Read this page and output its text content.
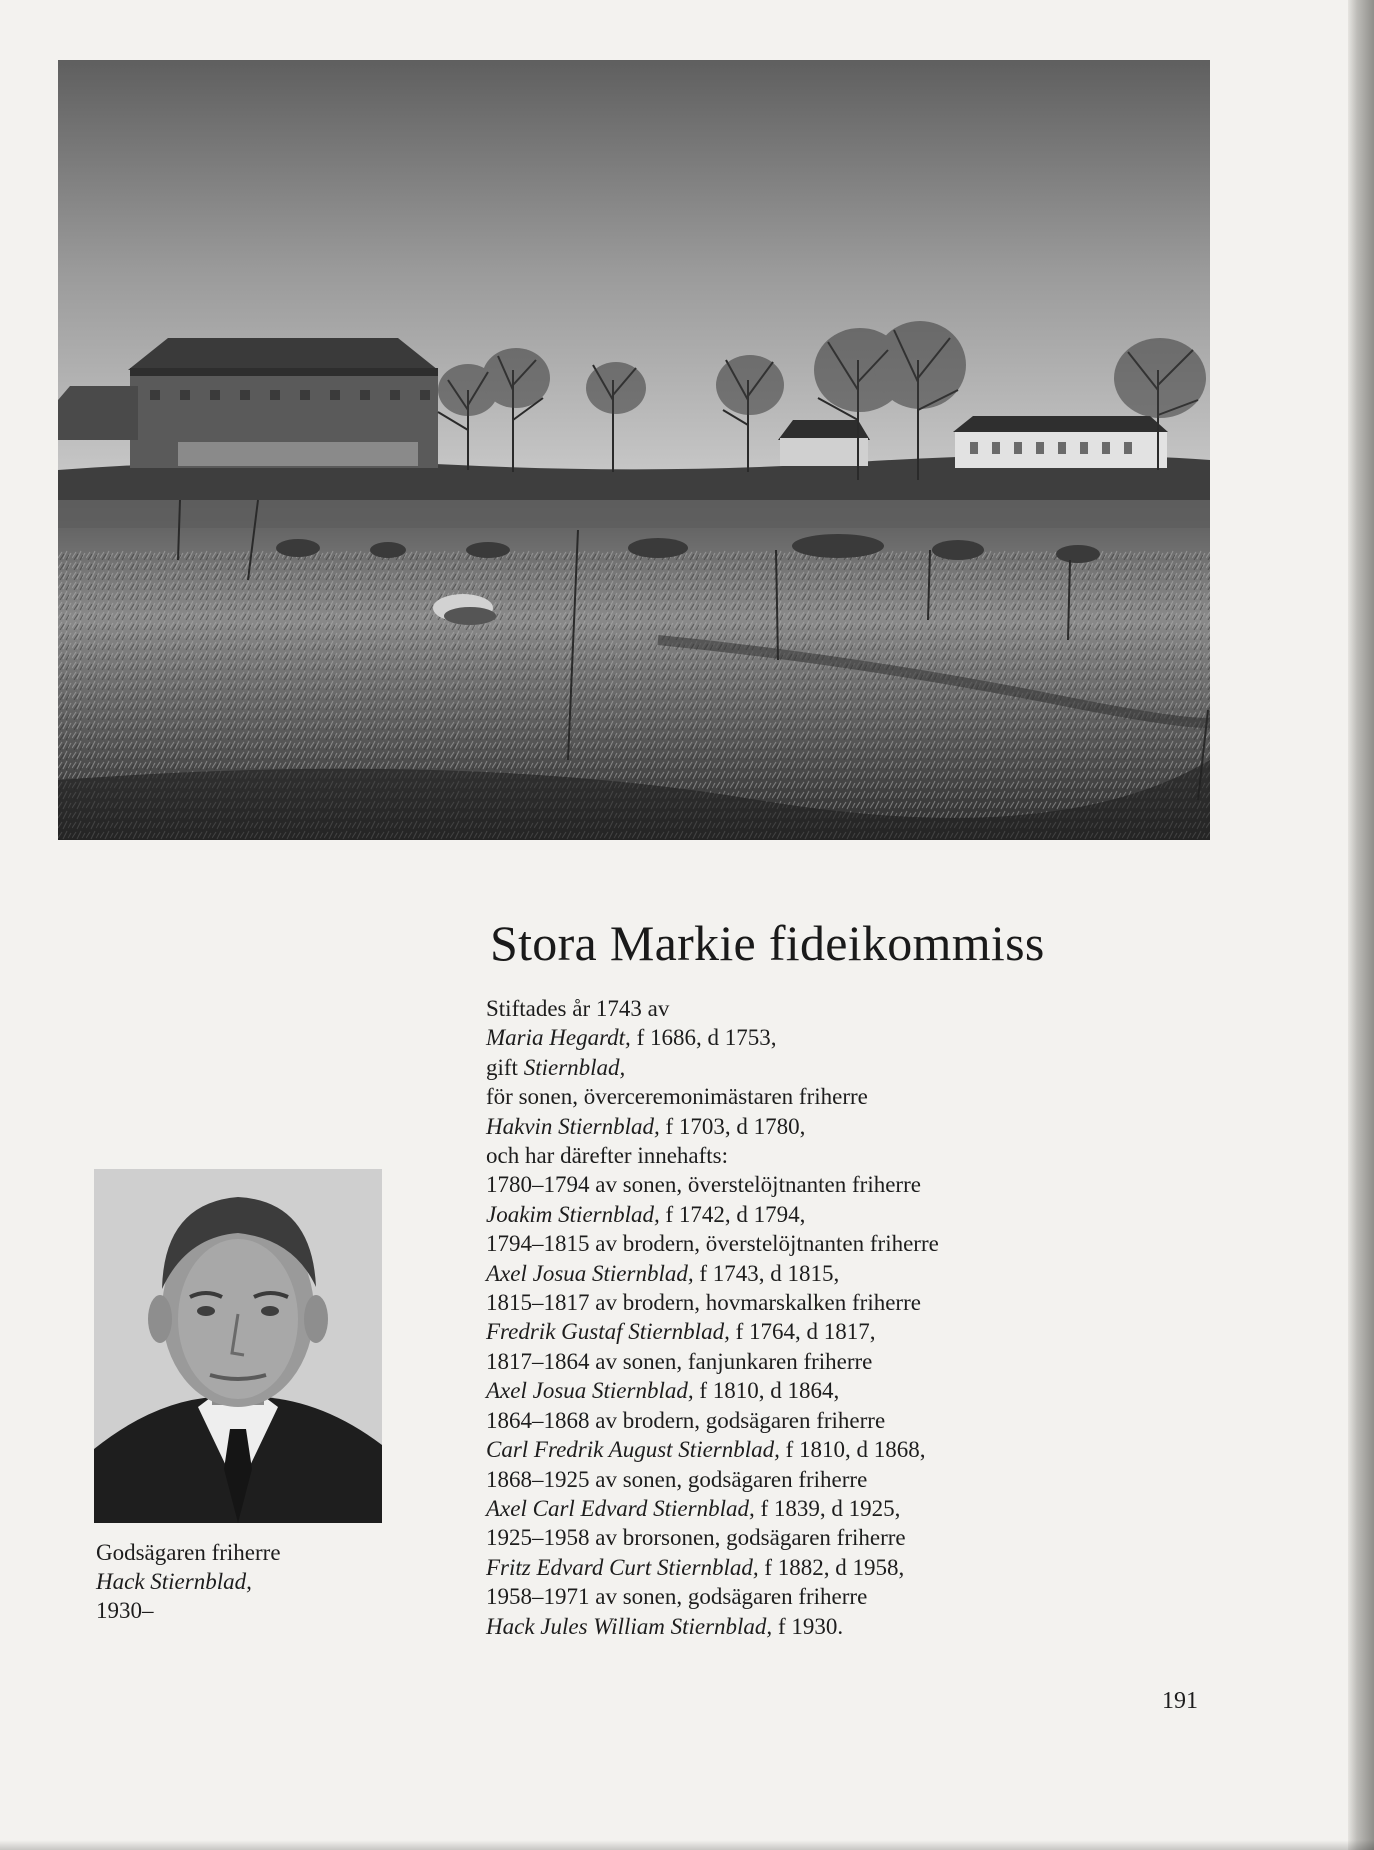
Stora Markie fideikommiss
Stiftades år 1743 av
Maria Hegardt, f 1686, d 1753,
gift Stiernblad,
för sonen, överceremonimästaren friherre
Hakvin Stiernblad, f 1703, d 1780,
och har därefter innehafts:
1780–1794 av sonen, överstelöjtnanten friherre
Joakim Stiernblad, f 1742, d 1794,
1794–1815 av brodern, överstelöjtnanten friherre
Axel Josua Stiernblad, f 1743, d 1815,
1815–1817 av brodern, hovmarskalken friherre
Fredrik Gustaf Stiernblad, f 1764, d 1817,
1817–1864 av sonen, fanjunkaren friherre
Axel Josua Stiernblad, f 1810, d 1864,
1864–1868 av brodern, godsägaren friherre
Carl Fredrik August Stiernblad, f 1810, d 1868,
1868–1925 av sonen, godsägaren friherre
Axel Carl Edvard Stiernblad, f 1839, d 1925,
1925–1958 av brorsonen, godsägaren friherre
Fritz Edvard Curt Stiernblad, f 1882, d 1958,
1958–1971 av sonen, godsägaren friherre
Hack Jules William Stiernblad, f 1930.
Godsägaren friherre
Hack Stiernblad,
1930–
191
